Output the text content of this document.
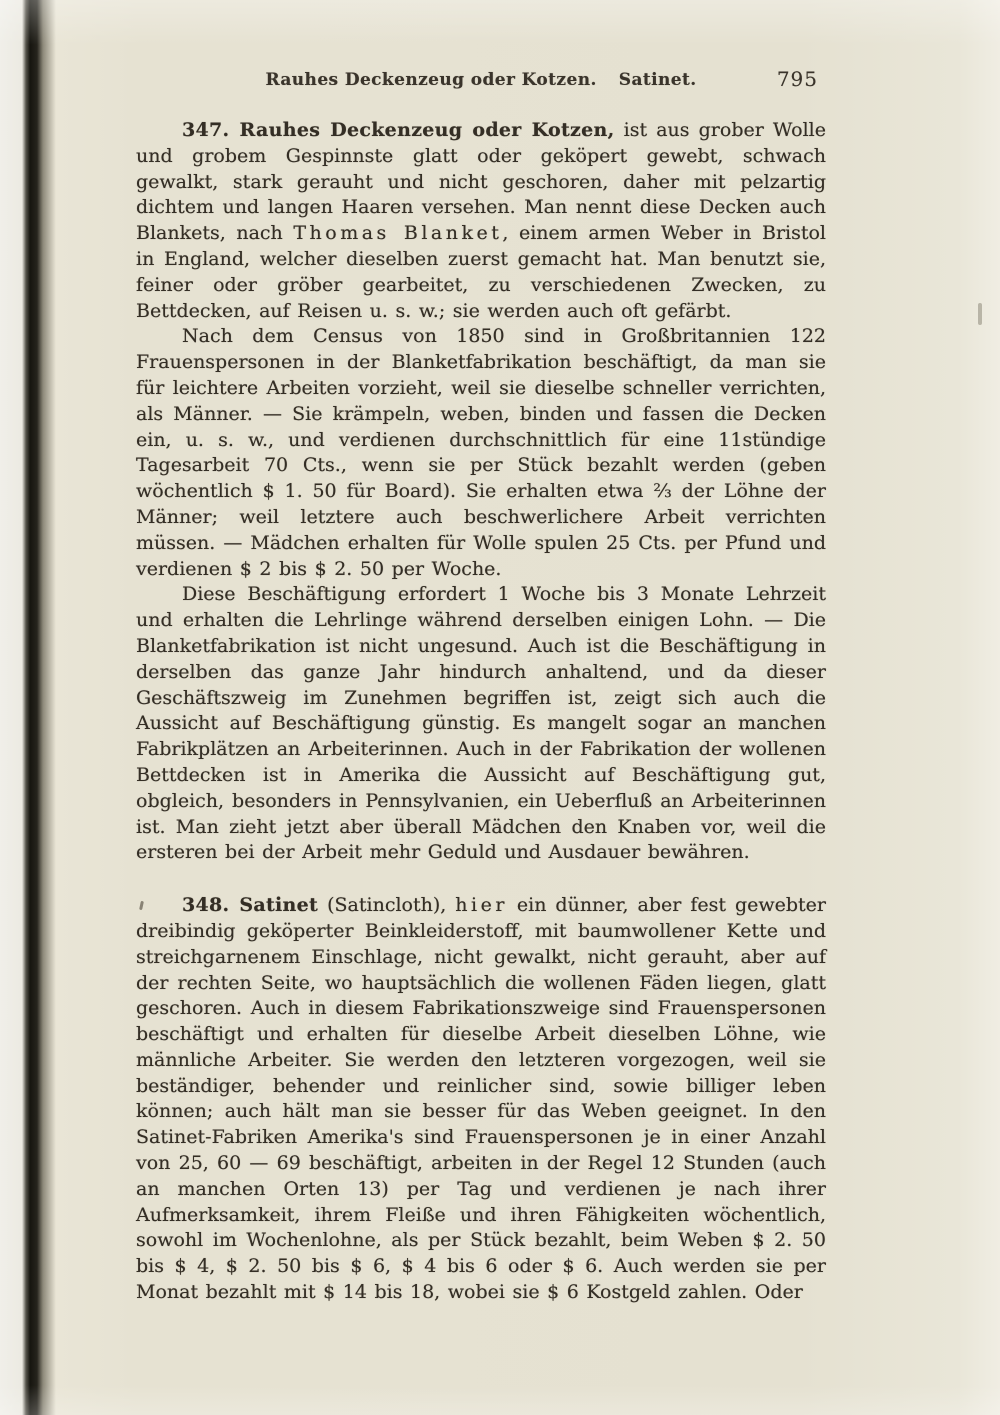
Rauhes Deckenzeug oder Kotzen. Satinet.	795

347. Rauhes Deckenzeug oder Kotzen, ist aus grober Wolle und grobem Gespinnste glatt oder geköpert gewebt, schwach gewalkt, stark gerauht und nicht geschoren, daher mit pelzartig dichtem und langen Haaren versehen. Man nennt diese Decken auch Blankets, nach Thomas Blanket, einem armen Weber in Bristol in England, welcher dieselben zuerst gemacht hat. Man benutzt sie, feiner oder gröber gearbeitet, zu verschiedenen Zwecken, zu Bettdecken, auf Reisen u. s. w.; sie werden auch oft gefärbt.

Nach dem Census von 1850 sind in Großbritannien 122 Frauenspersonen in der Blanketfabrikation beschäftigt, da man sie für leichtere Arbeiten vorzieht, weil sie dieselbe schneller verrichten, als Männer. — Sie krämpeln, weben, binden und fassen die Decken ein, u. s. w., und verdienen durchschnittlich für eine 11stündige Tagesarbeit 70 Cts., wenn sie per Stück bezahlt werden (geben wöchentlich $ 1. 50 für Board). Sie erhalten etwa ⅔ der Löhne der Männer; weil letztere auch beschwerlichere Arbeit verrichten müssen. — Mädchen erhalten für Wolle spulen 25 Cts. per Pfund und verdienen $ 2 bis $ 2. 50 per Woche.

Diese Beschäftigung erfordert 1 Woche bis 3 Monate Lehrzeit und erhalten die Lehrlinge während derselben einigen Lohn. — Die Blanketfabrikation ist nicht ungesund. Auch ist die Beschäftigung in derselben das ganze Jahr hindurch anhaltend, und da dieser Geschäftszweig im Zunehmen begriffen ist, zeigt sich auch die Aussicht auf Beschäftigung günstig. Es mangelt sogar an manchen Fabrikplätzen an Arbeiterinnen. Auch in der Fabrikation der wollenen Bettdecken ist in Amerika die Aussicht auf Beschäftigung gut, obgleich, besonders in Pennsylvanien, ein Ueberfluß an Arbeiterinnen ist. Man zieht jetzt aber überall Mädchen den Knaben vor, weil die ersteren bei der Arbeit mehr Geduld und Ausdauer bewähren.

348. Satinet (Satincloth), hier ein dünner, aber fest gewebter dreibindig geköperter Beinkleiderstoff, mit baumwollener Kette und streichgarnenem Einschlage, nicht gewalkt, nicht gerauht, aber auf der rechten Seite, wo hauptsächlich die wollenen Fäden liegen, glatt geschoren. Auch in diesem Fabrikationszweige sind Frauenspersonen beschäftigt und erhalten für dieselbe Arbeit dieselben Löhne, wie männliche Arbeiter. Sie werden den letzteren vorgezogen, weil sie beständiger, behender und reinlicher sind, sowie billiger leben können; auch hält man sie besser für das Weben geeignet. In den Satinet-Fabriken Amerika's sind Frauenspersonen je in einer Anzahl von 25, 60 — 69 beschäftigt, arbeiten in der Regel 12 Stunden (auch an manchen Orten 13) per Tag und verdienen je nach ihrer Aufmerksamkeit, ihrem Fleiße und ihren Fähigkeiten wöchentlich, sowohl im Wochenlohne, als per Stück bezahlt, beim Weben $ 2. 50 bis $ 4, $ 2. 50 bis $ 6, $ 4 bis 6 oder $ 6. Auch werden sie per Monat bezahlt mit $ 14 bis 18, wobei sie $ 6 Kostgeld zahlen. Oder
